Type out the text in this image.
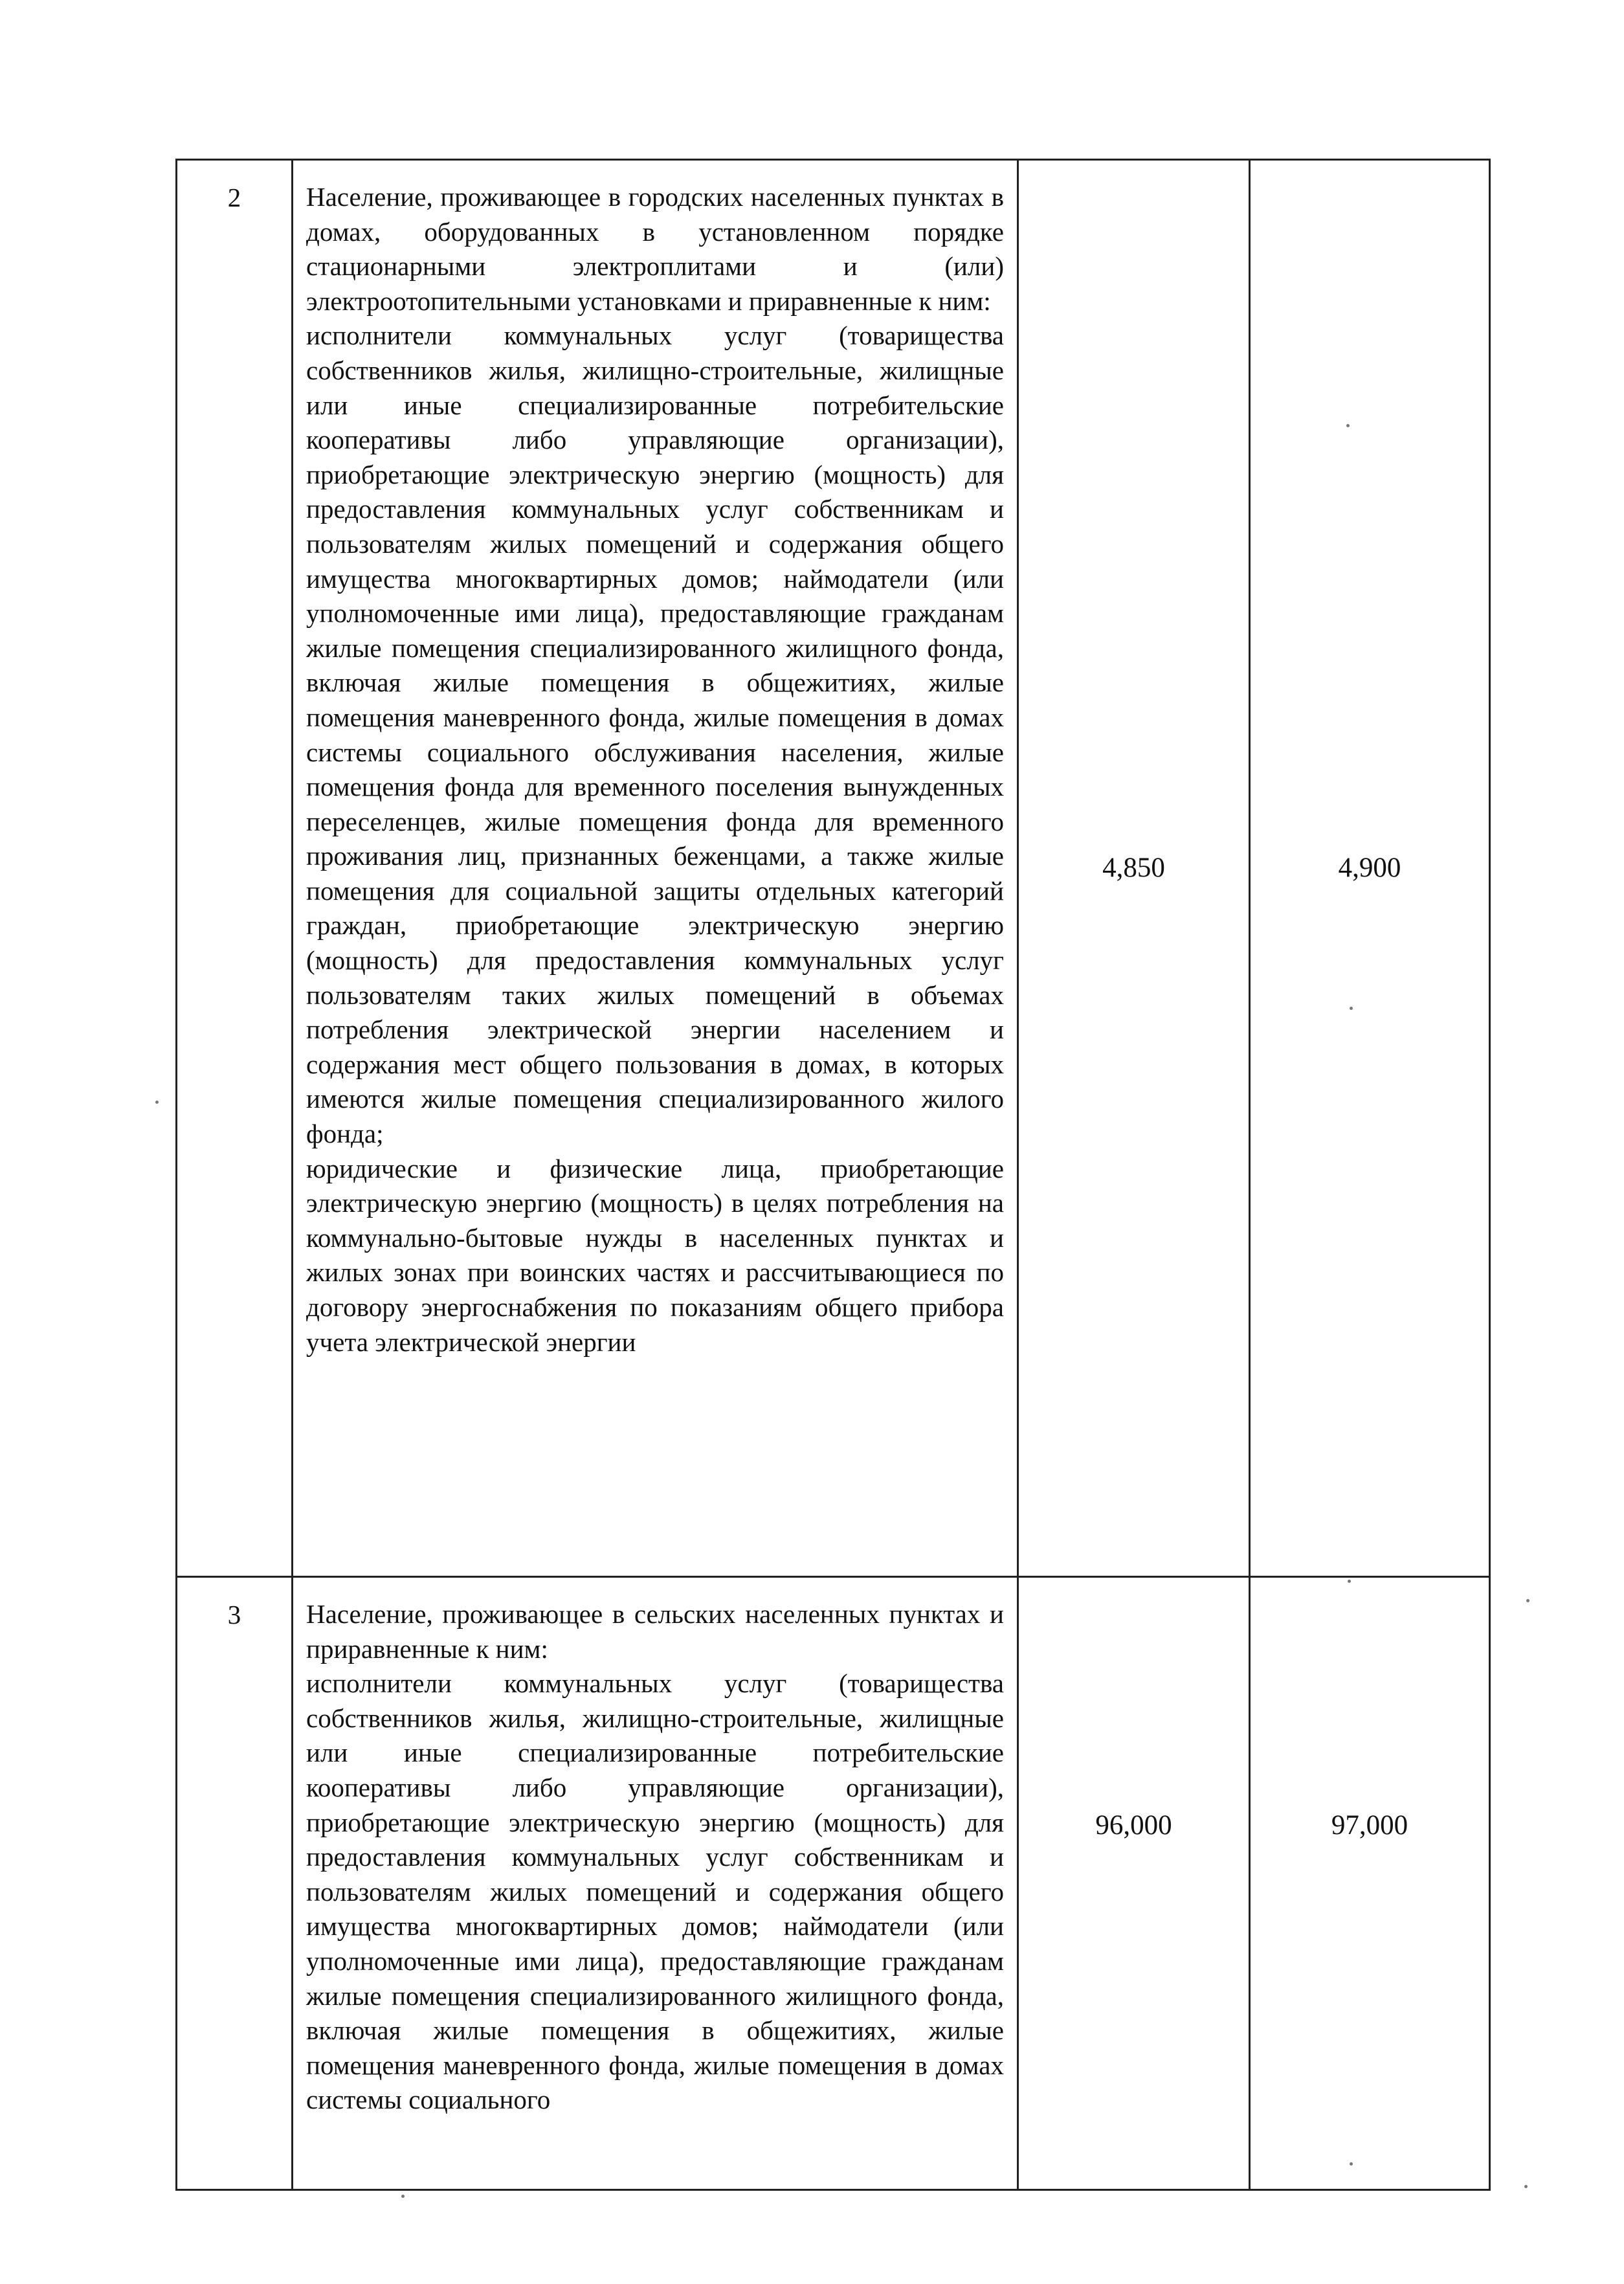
2	Население, проживающее в городских населенных пунктах в домах, оборудованных в установленном порядке стационарными электроплитами и (или) электроотопительными установками и приравненные к ним:

исполнители коммунальных услуг (товарищества собственников жилья, жилищно-строительные, жилищные или иные специализированные потребительские кооперативы либо управляющие организации), приобретающие электрическую энергию (мощность) для предоставления коммунальных услуг собственникам и пользователям жилых помещений и содержания общего имущества многоквартирных домов; наймодатели (или уполномоченные ими лица), предоставляющие гражданам жилые помещения специализированного жилищного фонда, включая жилые помещения в общежитиях, жилые помещения маневренного фонда, жилые помещения в домах системы социального обслуживания населения, жилые помещения фонда для временного поселения вынужденных переселенцев, жилые помещения фонда для временного проживания лиц, признанных беженцами, а также жилые помещения для социальной защиты отдельных категорий граждан, приобретающие электрическую энергию (мощность) для предоставления коммунальных услуг пользователям таких жилых помещений в объемах потребления электрической энергии населением и содержания мест общего пользования в домах, в которых имеются жилые помещения специализированного жилого фонда;

юридические и физические лица, приобретающие электрическую энергию (мощность) в целях потребления на коммунально-бытовые нужды в населенных пунктах и жилых зонах при воинских частях и рассчитывающиеся по договору энергоснабжения по показаниям общего прибора учета электрической энергии	4,850	4,900
3	Население, проживающее в сельских населенных пунктах и приравненные к ним:

исполнители коммунальных услуг (товарищества собственников жилья, жилищно-строительные, жилищные или иные специализированные потребительские кооперативы либо управляющие организации), приобретающие электрическую энергию (мощность) для предоставления коммунальных услуг собственникам и пользователям жилых помещений и содержания общего имущества многоквартирных домов; наймодатели (или уполномоченные ими лица), предоставляющие гражданам жилые помещения специализированного жилищного фонда, включая жилые помещения в общежитиях, жилые помещения маневренного фонда, жилые помещения в домах системы социального	96,000	97,000
